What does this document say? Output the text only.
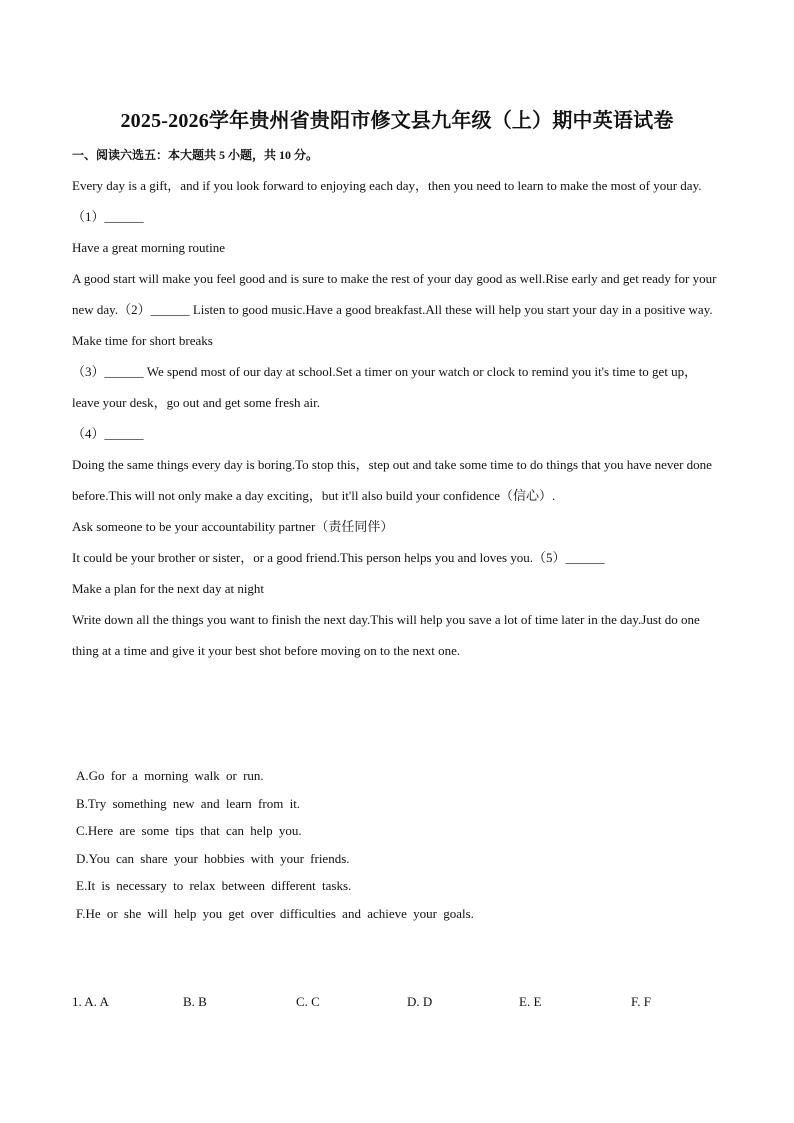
2025-2026学年贵州省贵阳市修文县九年级（上）期中英语试卷
一、阅读六选五：本大题共 5 小题，共 10 分。

Every day is a gift，and if you look forward to enjoying each day，then you need to learn to make the most of your day.（1）______

Have a great morning routine

A good start will make you feel good and is sure to make the rest of your day good as well.Rise early and get ready for your new day.（2）______ Listen to good music.Have a good breakfast.All these will help you start your day in a positive way.

Make time for short breaks

（3）______ We spend most of our day at school.Set a timer on your watch or clock to remind you it's time to get up，leave your desk，go out and get some fresh air.

（4）______

Doing the same things every day is boring.To stop this，step out and take some time to do things that you have never done before.This will not only make a day exciting，but it'll also build your confidence（信心）.

Ask someone to be your accountability partner（责任同伴）

It could be your brother or sister，or a good friend.This person helps you and loves you.（5）______

Make a plan for the next day at night

Write down all the things you want to finish the next day.This will help you save a lot of time later in the day.Just do one thing at a time and give it your best shot before moving on to the next one.

A.Go for a morning walk or run.

B.Try something new and learn from it.

C.Here are some tips that can help you.

D.You can share your hobbies with your friends.

E.It is necessary to relax between different tasks.

F.He or she will help you get over difficulties and achieve your goals.

1. A. A	B. B	C. C	D. D	E. E	F. F
